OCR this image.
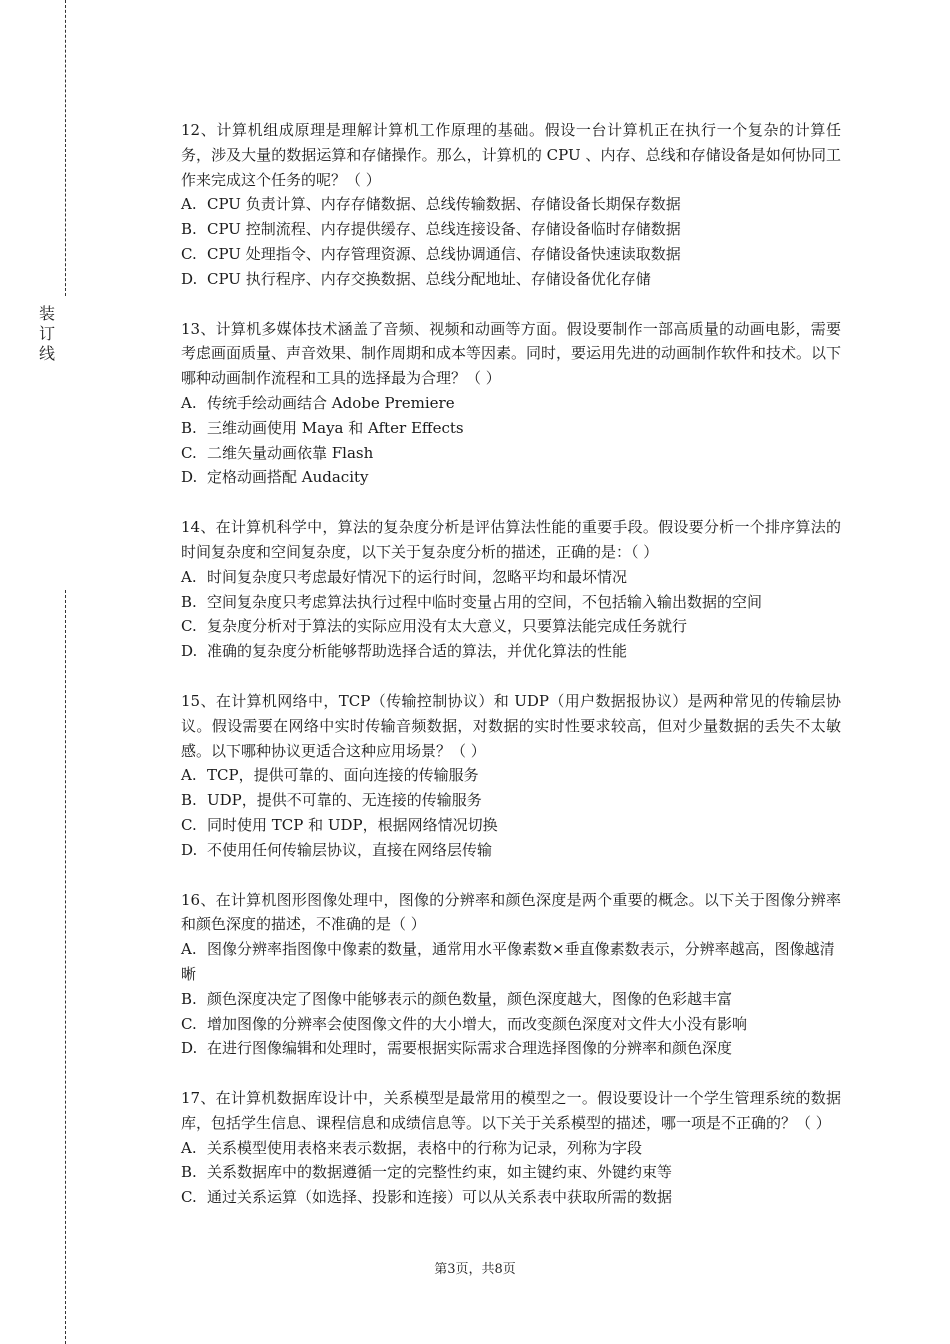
装
订
线
12、计算机组成原理是理解计算机工作原理的基础。假设一台计算机正在执行一个复杂的计算任务，涉及大量的数据运算和存储操作。那么，计算机的 CPU 、内存、总线和存储设备是如何协同工作来完成这个任务的呢？（ ）
A. CPU 负责计算、内存存储数据、总线传输数据、存储设备长期保存数据
B. CPU 控制流程、内存提供缓存、总线连接设备、存储设备临时存储数据
C. CPU 处理指令、内存管理资源、总线协调通信、存储设备快速读取数据
D. CPU 执行程序、内存交换数据、总线分配地址、存储设备优化存储
13、计算机多媒体技术涵盖了音频、视频和动画等方面。假设要制作一部高质量的动画电影，需要考虑画面质量、声音效果、制作周期和成本等因素。同时，要运用先进的动画制作软件和技术。以下哪种动画制作流程和工具的选择最为合理？（ ）
A. 传统手绘动画结合 Adobe Premiere
B. 三维动画使用 Maya 和 After Effects
C. 二维矢量动画依靠 Flash
D. 定格动画搭配 Audacity
14、在计算机科学中，算法的复杂度分析是评估算法性能的重要手段。假设要分析一个排序算法的时间复杂度和空间复杂度，以下关于复杂度分析的描述，正确的是：（ ）
A. 时间复杂度只考虑最好情况下的运行时间，忽略平均和最坏情况
B. 空间复杂度只考虑算法执行过程中临时变量占用的空间，不包括输入输出数据的空间
C. 复杂度分析对于算法的实际应用没有太大意义，只要算法能完成任务就行
D. 准确的复杂度分析能够帮助选择合适的算法，并优化算法的性能
15、在计算机网络中，TCP（传输控制协议）和 UDP（用户数据报协议）是两种常见的传输层协议。假设需要在网络中实时传输音频数据，对数据的实时性要求较高，但对少量数据的丢失不太敏感。以下哪种协议更适合这种应用场景？（ ）
A. TCP，提供可靠的、面向连接的传输服务
B. UDP，提供不可靠的、无连接的传输服务
C. 同时使用 TCP 和 UDP，根据网络情况切换
D. 不使用任何传输层协议，直接在网络层传输
16、在计算机图形图像处理中，图像的分辨率和颜色深度是两个重要的概念。以下关于图像分辨率和颜色深度的描述，不准确的是（ ）
A. 图像分辨率指图像中像素的数量，通常用水平像素数×垂直像素数表示，分辨率越高，图像越清晰
B. 颜色深度决定了图像中能够表示的颜色数量，颜色深度越大，图像的色彩越丰富
C. 增加图像的分辨率会使图像文件的大小增大，而改变颜色深度对文件大小没有影响
D. 在进行图像编辑和处理时，需要根据实际需求合理选择图像的分辨率和颜色深度
17、在计算机数据库设计中，关系模型是最常用的模型之一。假设要设计一个学生管理系统的数据库，包括学生信息、课程信息和成绩信息等。以下关于关系模型的描述，哪一项是不正确的？（ ）
A. 关系模型使用表格来表示数据，表格中的行称为记录，列称为字段
B. 关系数据库中的数据遵循一定的完整性约束，如主键约束、外键约束等
C. 通过关系运算（如选择、投影和连接）可以从关系表中获取所需的数据
第3页，共8页
